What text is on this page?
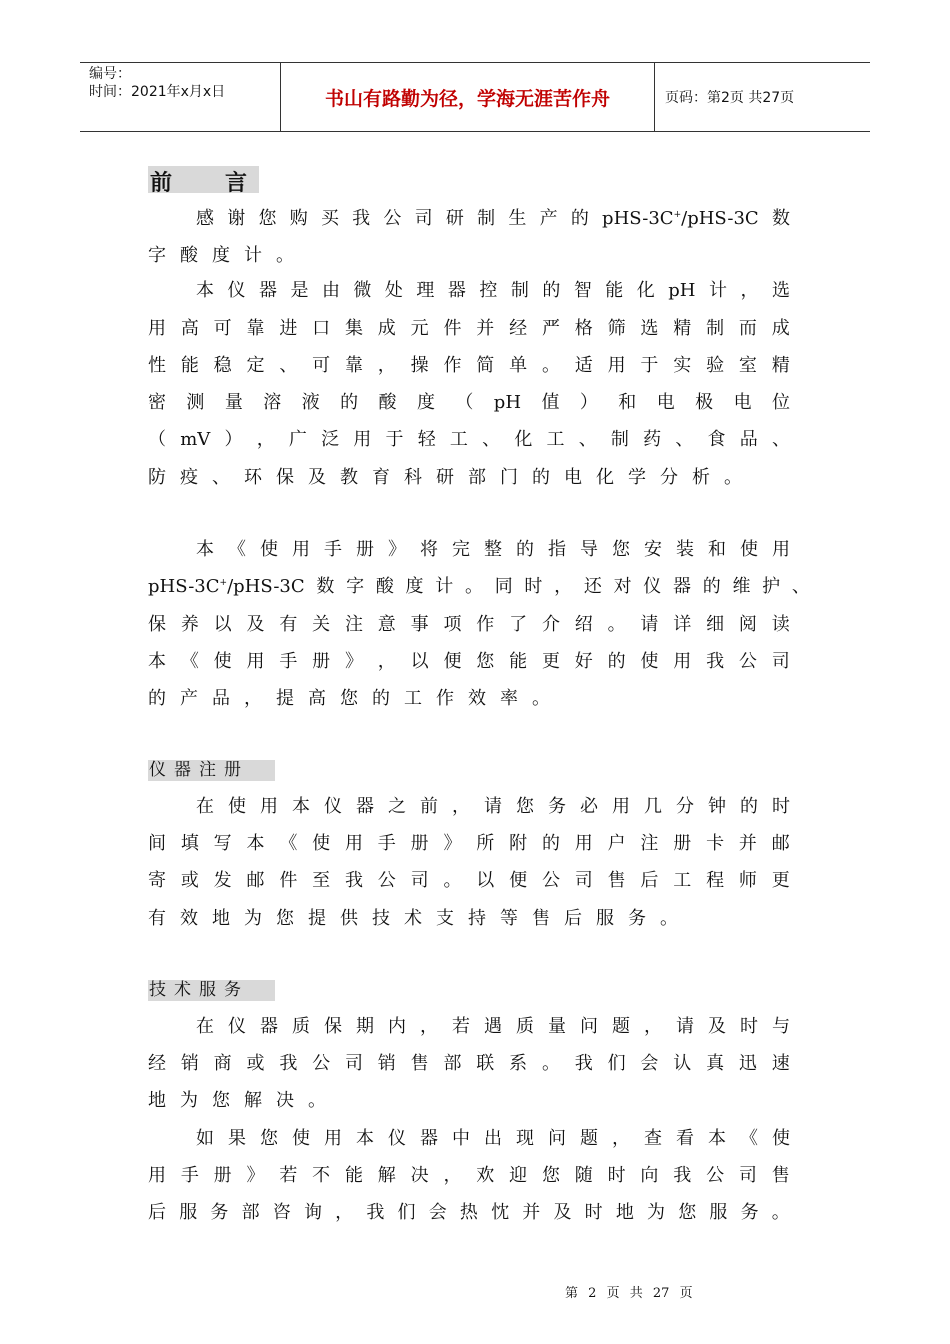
编号：
时间：2021年x月x日	书山有路勤为径，学海无涯苦作舟	页码：第2页 共27页
前 言
感 谢 您 购 买 我 公 司 研 制 生 产 的 pHS-3C+/pHS-3C 数
字 酸 度 计 。
本 仪 器 是 由 微 处 理 器 控 制 的 智 能 化 pH 计 ， 选
用 高 可 靠 进 口 集 成 元 件 并 经 严 格 筛 选 精 制 而 成
性 能 稳 定 、 可 靠 ， 操 作 简 单 。 适 用 于 实 验 室 精
密 测 量 溶 液 的 酸 度 （ pH 值 ） 和 电 极 电 位
（ mV ） ， 广 泛 用 于 轻 工 、 化 工 、 制 药 、 食 品 、
防 疫 、 环 保 及 教 育 科 研 部 门 的 电 化 学 分 析 。
本 《 使 用 手 册 》 将 完 整 的 指 导 您 安 装 和 使 用
pHS-3C+/pHS-3C 数 字 酸 度 计 。 同 时 ， 还 对 仪 器 的 维 护 、
保 养 以 及 有 关 注 意 事 项 作 了 介 绍 。 请 详 细 阅 读
本 《 使 用 手 册 》 ， 以 便 您 能 更 好 的 使 用 我 公 司
的 产 品 ， 提 高 您 的 工 作 效 率 。
仪器注册
在 使 用 本 仪 器 之 前 ， 请 您 务 必 用 几 分 钟 的 时
间 填 写 本 《 使 用 手 册 》 所 附 的 用 户 注 册 卡 并 邮
寄 或 发 邮 件 至 我 公 司 。 以 便 公 司 售 后 工 程 师 更
有 效 地 为 您 提 供 技 术 支 持 等 售 后 服 务 。
技术服务
在 仪 器 质 保 期 内 ， 若 遇 质 量 问 题 ， 请 及 时 与
经 销 商 或 我 公 司 销 售 部 联 系 。 我 们 会 认 真 迅 速
地 为 您 解 决 。
如 果 您 使 用 本 仪 器 中 出 现 问 题 ， 查 看 本 《 使
用 手 册 》 若 不 能 解 决 ， 欢 迎 您 随 时 向 我 公 司 售
后 服 务 部 咨 询 ， 我 们 会 热 忱 并 及 时 地 为 您 服 务 。
第 2 页 共 27 页
